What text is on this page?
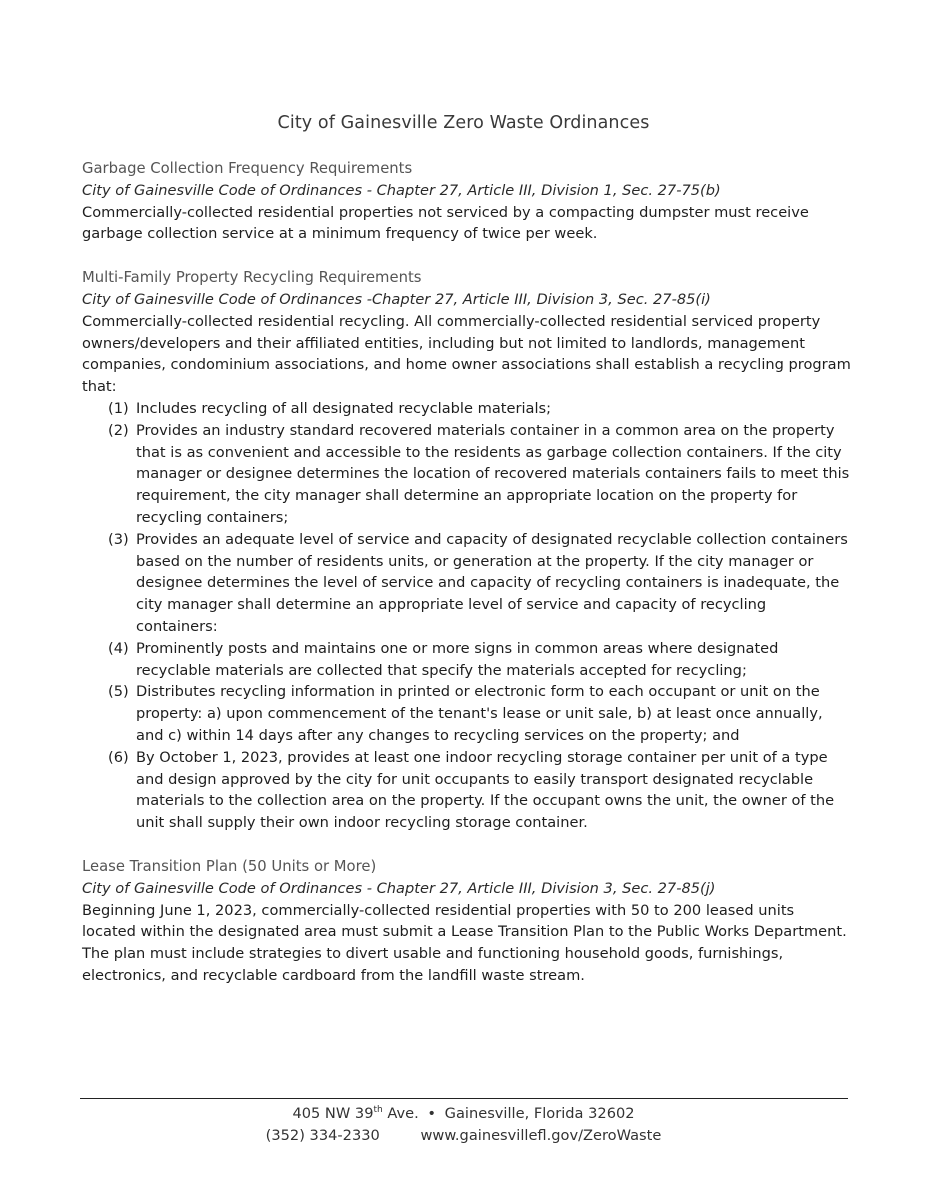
City of Gainesville Zero Waste Ordinances
Garbage Collection Frequency Requirements
City of Gainesville Code of Ordinances - Chapter 27, Article III, Division 1, Sec. 27-75(b)

Commercially-collected residential properties not serviced by a compacting dumpster must receive garbage collection service at a minimum frequency of twice per week.

Multi-Family Property Recycling Requirements
City of Gainesville Code of Ordinances -Chapter 27, Article III, Division 3, Sec. 27-85(i)

Commercially-collected residential recycling. All commercially-collected residential serviced property owners/developers and their affiliated entities, including but not limited to landlords, management companies, condominium associations, and home owner associations shall establish a recycling program that:

(1) Includes recycling of all designated recyclable materials;
(2) Provides an industry standard recovered materials container in a common area on the property that is as convenient and accessible to the residents as garbage collection containers. If the city manager or designee determines the location of recovered materials containers fails to meet this requirement, the city manager shall determine an appropriate location on the property for recycling containers;
(3) Provides an adequate level of service and capacity of designated recyclable collection containers based on the number of residents units, or generation at the property. If the city manager or designee determines the level of service and capacity of recycling containers is inadequate, the city manager shall determine an appropriate level of service and capacity of recycling containers:
(4) Prominently posts and maintains one or more signs in common areas where designated recyclable materials are collected that specify the materials accepted for recycling;
(5) Distributes recycling information in printed or electronic form to each occupant or unit on the property: a) upon commencement of the tenant's lease or unit sale, b) at least once annually, and c) within 14 days after any changes to recycling services on the property; and
(6) By October 1, 2023, provides at least one indoor recycling storage container per unit of a type and design approved by the city for unit occupants to easily transport designated recyclable materials to the collection area on the property. If the occupant owns the unit, the owner of the unit shall supply their own indoor recycling storage container.
Lease Transition Plan (50 Units or More)
City of Gainesville Code of Ordinances - Chapter 27, Article III, Division 3, Sec. 27-85(j)

Beginning June 1, 2023, commercially-collected residential properties with 50 to 200 leased units located within the designated area must submit a Lease Transition Plan to the Public Works Department. The plan must include strategies to divert usable and functioning household goods, furnishings, electronics, and recyclable cardboard from the landfill waste stream.

405 NW 39th Ave. • Gainesville, Florida 32602
(352) 334-2330	www.gainesvillefl.gov/ZeroWaste
